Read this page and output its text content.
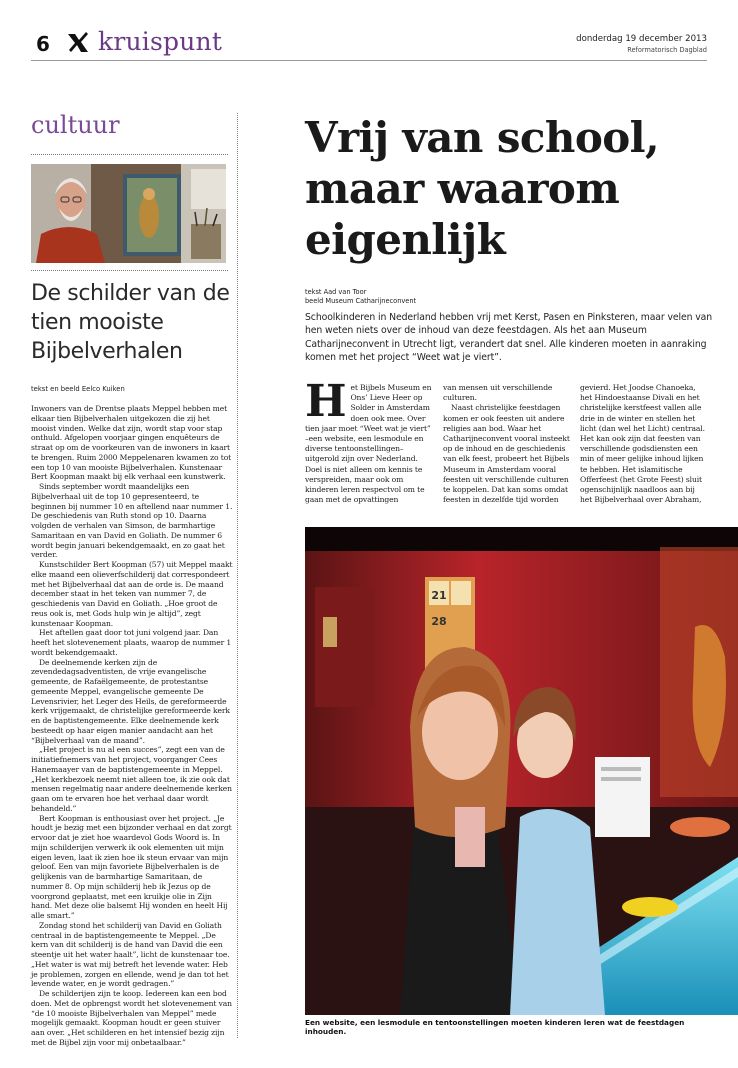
6 kruispunt	donderdag 19 december 2013
Reformatorisch Dagblad
cultuur
De schilder van de tien mooiste Bijbelverhalen
tekst en beeld Eelco Kuiken

Inwoners van de Drentse plaats Meppel hebben met elkaar tien Bijbelverhalen uitgekozen die zij het mooist vinden. Welke dat zijn, wordt stap voor stap onthuld. Afgelopen voorjaar gingen enquêteurs de straat op om de voorkeuren van de inwoners in kaart te brengen. Ruim 2000 Meppelenaren kwamen zo tot een top 10 van mooiste Bijbelverhalen. Kunstenaar Bert Koopman maakt bij elk verhaal een kunstwerk.

Sinds september wordt maandelijks een Bijbelverhaal uit de top 10 gepresenteerd, te beginnen bij nummer 10 en aftellend naar nummer 1. De geschiedenis van Ruth stond op 10. Daarna volgden de verhalen van Simson, de barmhartige Samaritaan en van David en Goliath. De nummer 6 wordt begin januari bekendgemaakt, en zo gaat het verder.

Kunstschilder Bert Koopman (57) uit Meppel maakt elke maand een olieverfschilderij dat correspondeert met het Bijbelverhaal dat aan de orde is. De maand december staat in het teken van nummer 7, de geschiedenis van David en Goliath. „Hoe groot de reus ook is, met Gods hulp win je altijd”, zegt kunstenaar Koopman.

Het aftellen gaat door tot juni volgend jaar. Dan heeft het slotevenement plaats, waarop de nummer 1 wordt bekendgemaakt.

De deelnemende kerken zijn de zevendedagsadventisten, de vrije evangelische gemeente, de Rafaëlgemeente, de protestantse gemeente Meppel, evangelische gemeente De Levensrivier, het Leger des Heils, de gereformeerde kerk vrijgemaakt, de christelijke gereformeerde kerk en de baptistengemeente. Elke deelnemende kerk besteedt op haar eigen manier aandacht aan het “Bijbelverhaal van de maand”.

„Het project is nu al een succes”, zegt een van de initiatiefnemers van het project, voorganger Cees Hanemaayer van de baptistengemeente in Meppel. „Het kerkbezoek neemt niet alleen toe, ik zie ook dat mensen regelmatig naar andere deelnemende kerken gaan om te ervaren hoe het verhaal daar wordt behandeld.”

Bert Koopman is enthousiast over het project. „Je houdt je bezig met een bijzonder verhaal en dat zorgt ervoor dat je ziet hoe waardevol Gods Woord is. In mijn schilderijen verwerk ik ook elementen uit mijn eigen leven, laat ik zien hoe ik steun ervaar van mijn geloof. Een van mijn favoriete Bijbelverhalen is de gelijkenis van de barmhartige Samaritaan, de nummer 8. Op mijn schilderij heb ik Jezus op de voorgrond geplaatst, met een kruikje olie in Zijn hand. Met deze olie balsemt Hij wonden en heelt Hij alle smart.”

Zondag stond het schilderij van David en Goliath centraal in de baptistengemeente te Meppel. „De kern van dit schilderij is de hand van David die een steentje uit het water haalt”, licht de kunstenaar toe. „Het water is wat mij betreft het levende water. Heb je problemen, zorgen en ellende, wend je dan tot het levende water, en je wordt gedragen.”

De schilderijen zijn te koop. Iedereen kan een bod doen. Met de opbrengst wordt het slotevenement van “de 10 mooiste Bijbelverhalen van Meppel” mede mogelijk gemaakt. Koopman houdt er geen stuiver aan over. „Het schilderen en het intensief bezig zijn met de Bijbel zijn voor mij onbetaalbaar.”

Vrij van school, maar waarom eigenlijk
tekst Aad van Toor
beeld Museum Catharijneconvent
Schoolkinderen in Nederland hebben vrij met Kerst, Pasen en Pinksteren, maar velen van hen weten niets over de inhoud van deze feestdagen. Als het aan Museum Catharijneconvent in Utrecht ligt, verandert dat snel. Alle kinderen moeten in aanraking komen met het project “Weet wat je viert”.
H et Bijbels Museum en Ons’ Lieve Heer op Solder in Amsterdam doen ook mee. Over tien jaar moet “Weet wat je viert” –een website, een lesmodule en diverse tentoonstellingen– uitgerold zijn over Nederland. Doel is niet alleen om kennis te verspreiden, maar ook om kinderen leren respectvol om te gaan met de opvattingen

van mensen uit verschillende culturen.

Naast christelijke feestdagen komen er ook feesten uit andere religies aan bod. Waar het Catharijneconvent vooral insteekt op de inhoud en de geschiedenis van elk feest, probeert het Bijbels Museum in Amsterdam vooral feesten uit verschillende culturen te koppelen. Dat kan soms omdat feesten in dezelfde tijd worden

gevierd. Het Joodse Chanoeka, het Hindoestaanse Divali en het christelijke kerstfeest vallen alle drie in de winter en stellen het licht (dan wel het Licht) centraal. Het kan ook zijn dat feesten van verschillende godsdiensten een min of meer gelijke inhoud lijken te hebben. Het islamitische Offerfeest (het Grote Feest) sluit ogenschijnlijk naadloos aan bij het Bijbelverhaal over Abraham,

21
28
Een website, een lesmodule en tentoonstellingen moeten kinderen leren wat de feestdagen inhouden.
